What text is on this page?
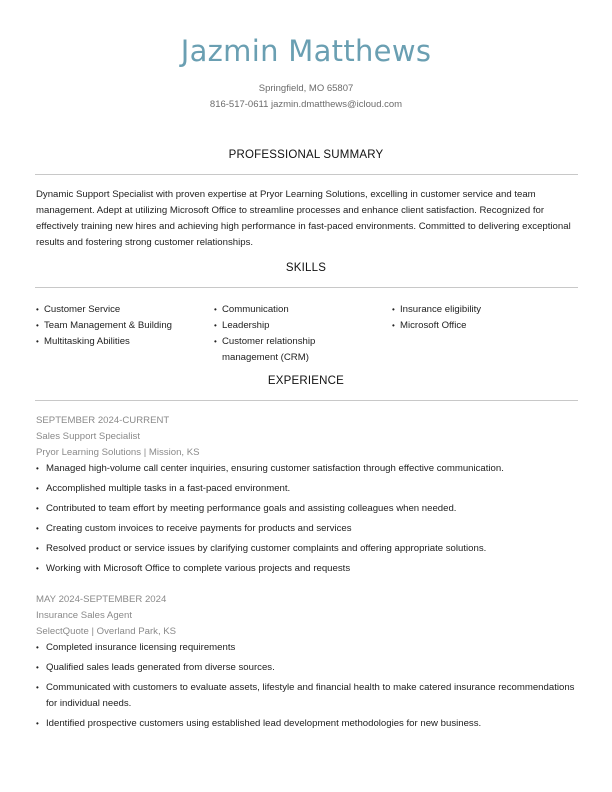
Jazmin Matthews
Springfield, MO 65807
816-517-0611 jazmin.dmatthews@icloud.com
PROFESSIONAL SUMMARY
Dynamic Support Specialist with proven expertise at Pryor Learning Solutions, excelling in customer service and team management. Adept at utilizing Microsoft Office to streamline processes and enhance client satisfaction. Recognized for effectively training new hires and achieving high performance in fast-paced environments. Committed to delivering exceptional results and fostering strong customer relationships.
SKILLS
• Customer Service
• Team Management & Building
• Multitasking Abilities
• Communication
• Leadership
• Customer relationship management (CRM)
• Insurance eligibility
• Microsoft Office
EXPERIENCE
SEPTEMBER 2024-CURRENT
Sales Support Specialist
Pryor Learning Solutions | Mission, KS
• Managed high-volume call center inquiries, ensuring customer satisfaction through effective communication.
• Accomplished multiple tasks in a fast-paced environment.
• Contributed to team effort by meeting performance goals and assisting colleagues when needed.
• Creating custom invoices to receive payments for products and services
• Resolved product or service issues by clarifying customer complaints and offering appropriate solutions.
• Working with Microsoft Office to complete various projects and requests
MAY 2024-SEPTEMBER 2024
Insurance Sales Agent
SelectQuote | Overland Park, KS
• Completed insurance licensing requirements
• Qualified sales leads generated from diverse sources.
• Communicated with customers to evaluate assets, lifestyle and financial health to make catered insurance recommendations for individual needs.
• Identified prospective customers using established lead development methodologies for new business.
